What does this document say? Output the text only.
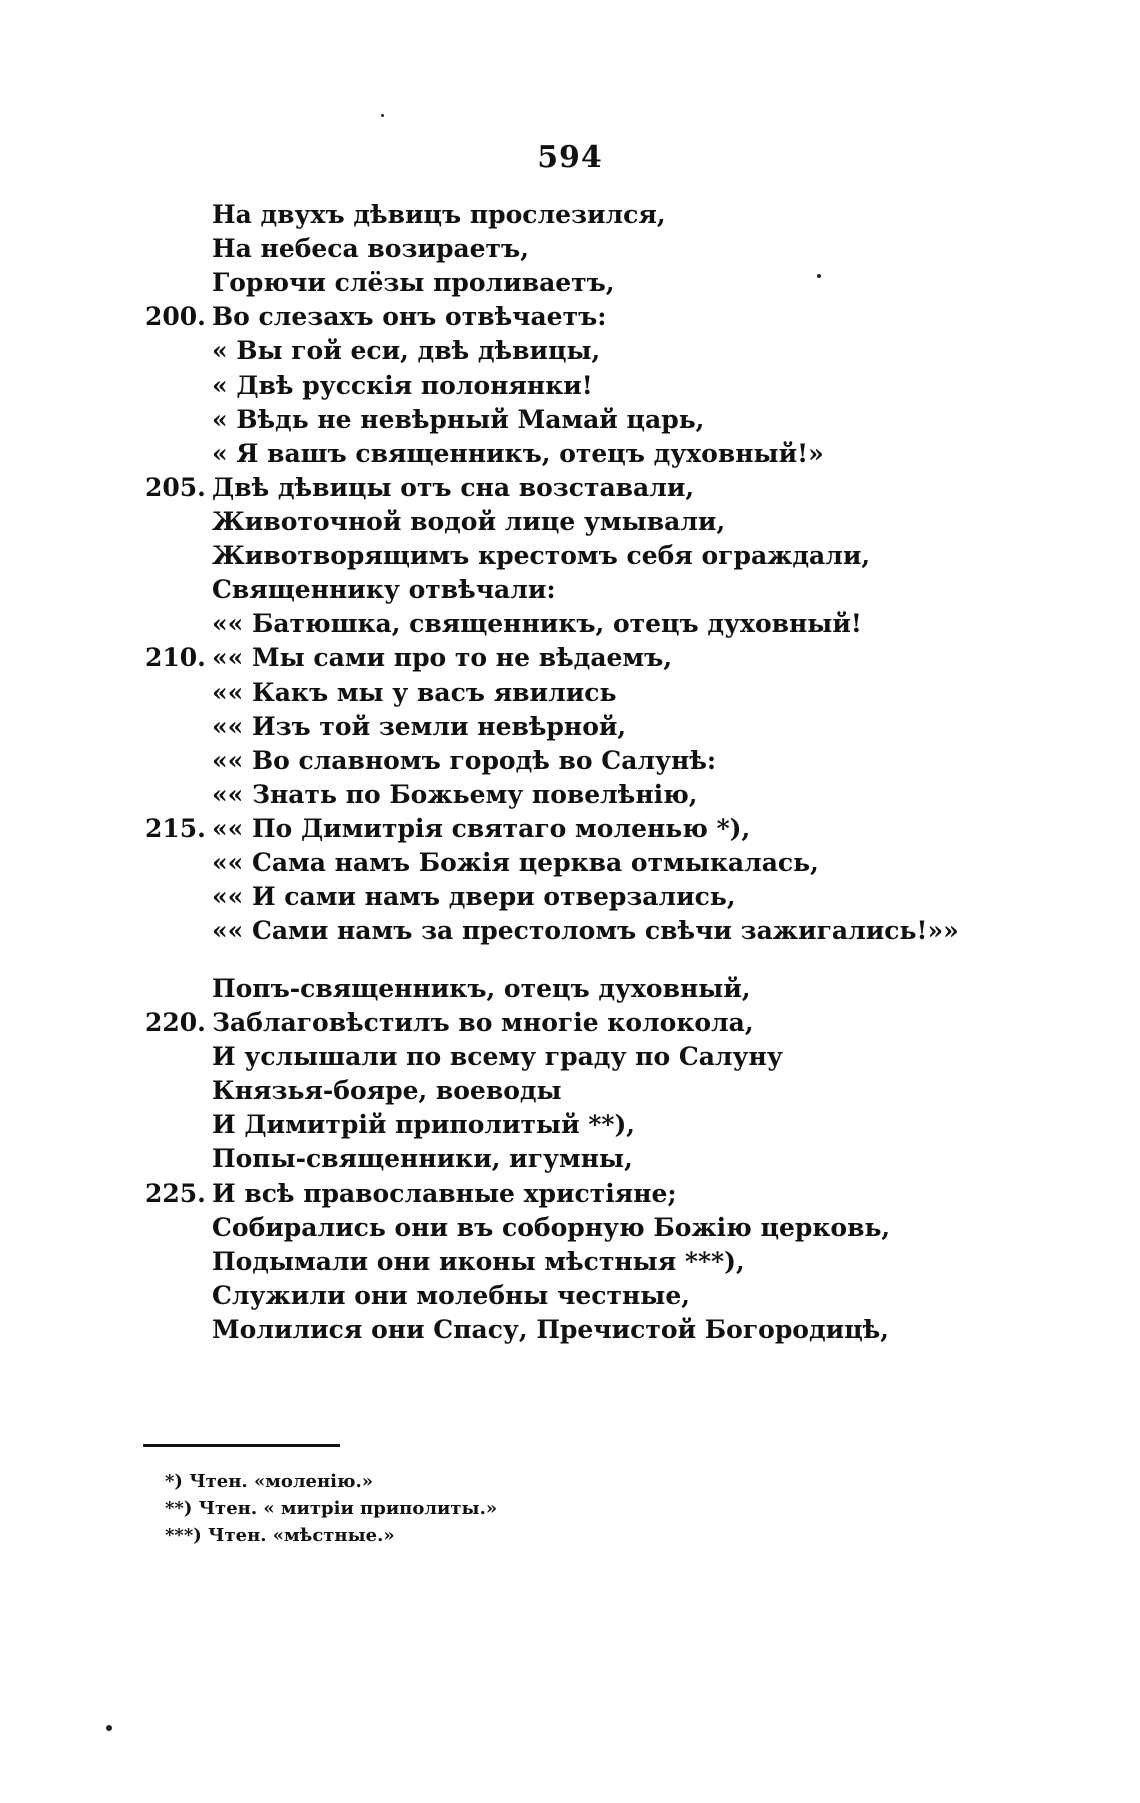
594
На двухъ дѣвицъ прослезился,
На небеса возираетъ,
Горючи слёзы проливаетъ,
200. Во слезахъ онъ отвѣчаетъ:
« Вы гой еси, двѣ дѣвицы,
« Двѣ русскія полонянки!
« Вѣдь не невѣрный Мамай царь,
« Я вашъ священникъ, отецъ духовный!»
205. Двѣ дѣвицы отъ сна возставали,
Животочной водой лице умывали,
Животворящимъ крестомъ себя ограждали,
Священнику отвѣчали:
«« Батюшка, священникъ, отецъ духовный!
210. «« Мы сами про то не вѣдаемъ,
«« Какъ мы у васъ явились
«« Изъ той земли невѣрной,
«« Во славномъ городѣ во Салунѣ:
«« Знать по Божьему повелѣнію,
215. «« По Димитрія святаго моленью *),
«« Сама намъ Божія церква отмыкалась,
«« И сами намъ двери отверзались,
«« Сами намъ за престоломъ свѣчи зажигались!»»
Попъ-священникъ, отецъ духовный,
220. Заблаговѣстилъ во многіе колокола,
И услышали по всему граду по Салуну
Князья-бояре, воеводы
И Димитрій приполитый **),
Попы-священники, игумны,
225. И всѣ православные христіяне;
Собирались они въ соборную Божію церковь,
Подымали они иконы мѣстныя ***),
Служили они молебны честные,
Молилися они Спасу, Пречистой Богородицѣ,
*) Чтен. «моленію.»
**) Чтен. « митріи приполиты.»
***) Чтен. «мѣстные.»
